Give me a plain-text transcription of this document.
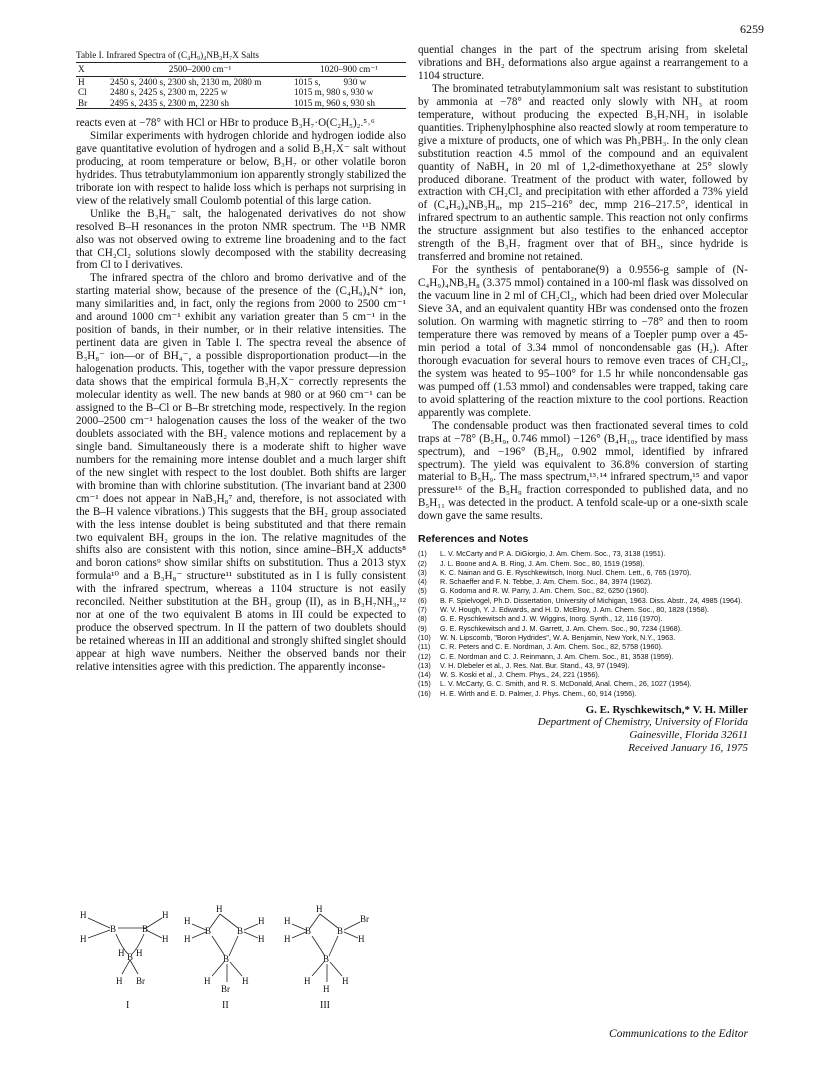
6259
Table I. Infrared Spectra of (C₄H₉)₄NB₃H₇X Salts
X	2500–2000 cm⁻¹	1020–900 cm⁻¹
H	2450 s, 2400 s, 2300 sh, 2130 m, 2080 m	1015 s,          930 w
Cl	2480 s, 2425 s, 2300 m, 2225 w	1015 m, 980 s, 930 w
Br	2495 s, 2435 s, 2300 m, 2230 sh	1015 m, 960 s, 930 sh

reacts even at −78° with HCl or HBr to produce B₃H₇·O(C₂H₅)₂.⁵˒⁶

Similar experiments with hydrogen chloride and hydrogen iodide also gave quantitative evolution of hydrogen and a solid B₃H₇X⁻ salt without producing, at room temperature or below, B₃H₇ or other volatile boron hydrides. Thus tetrabutylammonium ion apparently strongly stabilized the triborate ion with respect to halide loss which is perhaps not surprising in view of the relatively small Coulomb potential of this large cation.

Unlike the B₃H₈⁻ salt, the halogenated derivatives do not show resolved B–H resonances in the proton NMR spectrum. The ¹¹B NMR also was not observed owing to extreme line broadening and to the fact that CH₂Cl₂ solutions slowly decomposed with the stability decreasing from Cl to I derivatives.

The infrared spectra of the chloro and bromo derivative and of the starting material show, because of the presence of the (C₄H₉)₄N⁺ ion, many similarities and, in fact, only the regions from 2000 to 2500 cm⁻¹ and around 1000 cm⁻¹ exhibit any variation greater than 5 cm⁻¹ in the position of bands, in their number, or in their relative intensities. The pertinent data are given in Table I. The spectra reveal the absence of B₃H₈⁻ ion—or of BH₄⁻, a possible disproportionation product—in the halogenation products. This, together with the vapor pressure depression data shows that the empirical formula B₃H₇X⁻ correctly represents the molecular identity as well. The new bands at 980 or at 960 cm⁻¹ can be assigned to the B–Cl or B–Br stretching mode, respectively. In the region 2000–2500 cm⁻¹ halogenation causes the loss of the weaker of the two doublets associated with the BH₂ valence motions and replacement by a single band. Simultaneously there is a moderate shift to higher wave numbers for the remaining more intense doublet and a much larger shift of the new singlet with respect to the lost doublet. Both shifts are larger with bromine than with chlorine substitution. (The invariant band at 2300 cm⁻¹ does not appear in NaB₃H₈⁷ and, therefore, is not associated with the B–H valence vibrations.) This suggests that the BH₂ group associated with the less intense doublet is being substituted and that there remain two equivalent BH₂ groups in the ion. The relative magnitudes of the shifts also are consistent with this notion, since amine–BH₂X adducts⁸ and boron cations⁹ show similar shifts on substitution. Thus a 2013 styx formula¹⁰ and a B₃H₈⁻ structure¹¹ substituted as in I is fully consistent with the infrared spectrum, whereas a 1104 structure is not easily reconciled. Neither substitution at the BH₃ group (II), as in B₃H₇NH₃,¹² nor at one of the two equivalent B atoms in III could be expected to produce the observed spectrum. In II the pattern of two doublets should be retained whereas in III an additional and strongly shifted singlet should appear at high wave numbers. Neither the observed bands nor their relative intensities agree with this prediction. The apparently inconse-

H
H
B	B
H
H
H B H
H Br
H
H
H
B	B
H
H
B
H	H
Br
H
H
H
B	B
Br
H
B
H	H
H
I	II	III

quential changes in the part of the spectrum arising from skeletal vibrations and BH₂ deformations also argue against a rearrangement to a 1104 structure.

The brominated tetrabutylammonium salt was resistant to substitution by ammonia at −78° and reacted only slowly with NH₃ at room temperature, without producing the expected B₃H₇NH₃ in isolable quantities. Triphenylphosphine also reacted slowly at room temperature to give a mixture of products, one of which was Ph₃PBH₃. In the only clean substitution reaction 4.5 mmol of the compound and an equivalent quantity of NaBH₄ in 20 ml of 1,2-dimethoxyethane at 25° slowly produced diborane. Treatment of the product with water, followed by extraction with CH₂Cl₂ and precipitation with ether afforded a 73% yield of (C₄H₉)₄NB₃H₈, mp 215–216° dec, mmp 216–217.5°, identical in infrared spectrum to an authentic sample. This reaction not only confirms the structure assignment but also testifies to the enhanced acceptor strength of the B₃H₇ fragment over that of BH₃, since hydride is transferred and bromine not retained.

For the synthesis of pentaborane(9) a 0.9556-g sample of (N-C₄H₉)₄NB₃H₈ (3.375 mmol) contained in a 100-ml flask was dissolved on the vacuum line in 2 ml of CH₂Cl₂, which had been dried over Molecular Sieve 3A, and an equivalent quantity HBr was condensed onto the frozen solution. On warming with magnetic stirring to −78° and then to room temperature there was removed by means of a Toepler pump over a 45-min period a total of 3.34 mmol of noncondensable gas (H₂). After thorough evacuation for several hours to remove even traces of CH₂Cl₂, the system was heated to 95–100° for 1.5 hr while noncondensable gas was pumped off (1.53 mmol) and condensables were trapped, taking care to avoid splattering of the reaction mixture to the cool portions. Reaction apparently was complete.

The condensable product was then fractionated several times to cold traps at −78° (B₅H₉, 0.746 mmol) −126° (B₄H₁₀, trace identified by mass spectrum), and −196° (B₂H₆, 0.902 mmol, identified by infrared spectrum). The yield was equivalent to 36.8% conversion of starting material to B₅H₉. The mass spectrum,¹³˒¹⁴ infrared spectrum,¹⁵ and vapor pressure¹⁶ of the B₅H₉ fraction corresponded to published data, and no B₅H₁₁ was detected in the product. A tenfold scale-up or a one-sixth scale down gave the same results.

References and Notes
(1)	L. V. McCarty and P. A. DiGiorgio, J. Am. Chem. Soc., 73, 3138 (1951).
(2)	J. L. Boone and A. B. Ring, J. Am. Chem. Soc., 80, 1519 (1958).
(3)	K. C. Nainan and G. E. Ryschkewitsch, Inorg. Nucl. Chem. Lett., 6, 765 (1970).
(4)	R. Schaeffer and F. N. Tebbe, J. Am. Chem. Soc., 84, 3974 (1962).
(5)	G. Kodoma and R. W. Parry, J. Am. Chem. Soc., 82, 6250 (1960).
(6)	B. F. Spielvogel, Ph.D. Dissertation, University of Michigan, 1963. Diss. Abstr., 24, 4985 (1964).
(7)	W. V. Hough, Y. J. Edwards, and H. D. McElroy, J. Am. Chem. Soc., 80, 1828 (1958).
(8)	G. E. Ryschkewitsch and J. W. Wiggins, Inorg. Synth., 12, 116 (1970).
(9)	G. E. Ryschkewitsch and J. M. Garrett, J. Am. Chem. Soc., 90, 7234 (1968).
(10)	W. N. Lipscomb, "Boron Hydrides", W. A. Benjamin, New York, N.Y., 1963.
(11)	C. R. Peters and C. E. Nordman, J. Am. Chem. Soc., 82, 5758 (1960).
(12)	C. E. Nordman and C. J. Reinmann, J. Am. Chem. Soc., 81, 3538 (1959).
(13)	V. H. Dlebeler et al., J. Res. Nat. Bur. Stand., 43, 97 (1949).
(14)	W. S. Koski et al., J. Chem. Phys., 24, 221 (1956).
(15)	L. V. McCarty, G. C. Smith, and R. S. McDonald, Anal. Chem., 26, 1027 (1954).
(16)	H. E. Wirth and E. D. Palmer, J. Phys. Chem., 60, 914 (1956).
G. E. Ryschkewitsch,* V. H. Miller
Department of Chemistry, University of Florida
Gainesville, Florida 32611
Received January 16, 1975
Communications to the Editor
